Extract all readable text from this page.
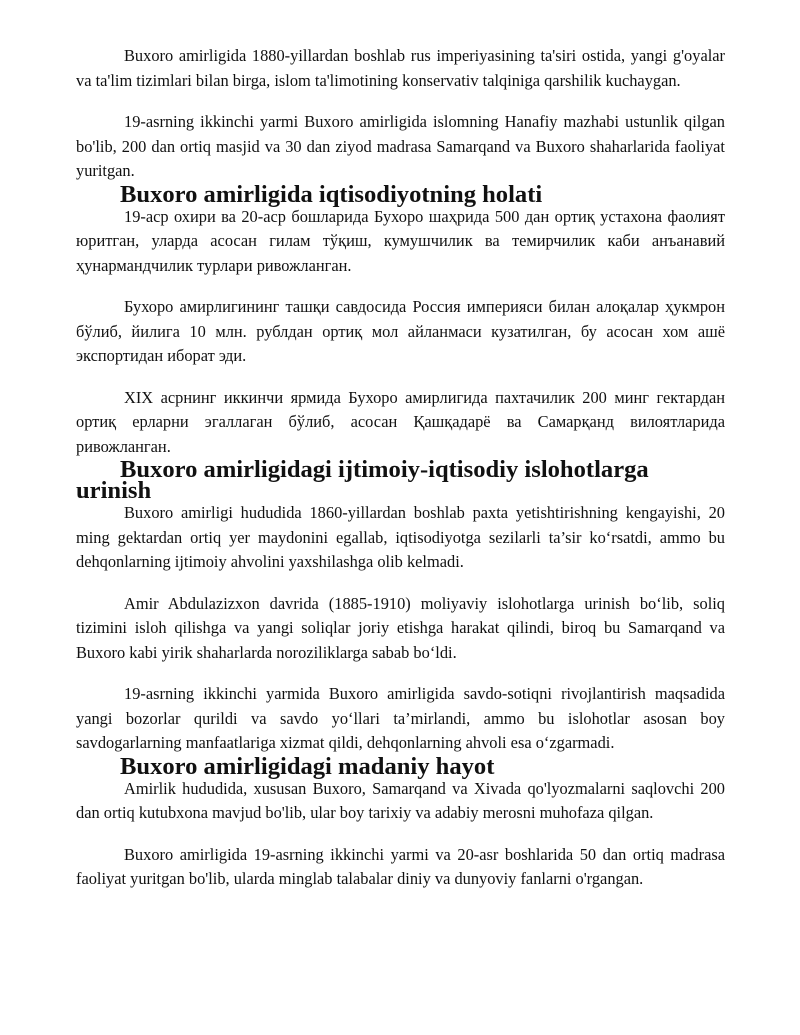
Buxoro amirligida 1880-yillardan boshlab rus imperiyasining ta'siri ostida, yangi g'oyalar va ta'lim tizimlari bilan birga, islom ta'limotining konservativ talqiniga qarshilik kuchaygan.

19-asrning ikkinchi yarmi Buxoro amirligida islomning Hanafiy mazhabi ustunlik qilgan bo'lib, 200 dan ortiq masjid va 30 dan ziyod madrasa Samarqand va Buxoro shaharlarida faoliyat yuritgan.

Buxoro amirligida iqtisodiyotning holati

19-аср охири ва 20-аср бошларида Бухоро шаҳрида 500 дан ортиқ устахона фаолият юритган, уларда асосан гилам тўқиш, кумушчилик ва темирчилик каби анъанавий ҳунармандчилик турлари ривожланган.

Бухоро амирлигининг ташқи савдосида Россия империяси билан алоқалар ҳукмрон бўлиб, йилига 10 млн. рублдан ортиқ мол айланмаси кузатилган, бу асосан хом ашё экспортидан иборат эди.

XIX асрнинг иккинчи ярмида Бухоро амирлигида пахтачилик 200 минг гектардан ортиқ ерларни эгаллаган бўлиб, асосан Қашқадарё ва Самарқанд вилоятларида ривожланган.

Buxoro amirligidagi ijtimoiy-iqtisodiy islohotlarga urinish

Buxoro amirligi hududida 1860-yillardan boshlab paxta yetishtirishning kengayishi, 20 ming gektardan ortiq yer maydonini egallab, iqtisodiyotga sezilarli ta’sir ko‘rsatdi, ammo bu dehqonlarning ijtimoiy ahvolini yaxshilashga olib kelmadi.

Amir Abdulazizxon davrida (1885-1910) moliyaviy islohotlarga urinish bo‘lib, soliq tizimini isloh qilishga va yangi soliqlar joriy etishga harakat qilindi, biroq bu Samarqand va Buxoro kabi yirik shaharlarda noroziliklarga sabab bo‘ldi.

19-asrning ikkinchi yarmida Buxoro amirligida savdo-sotiqni rivojlantirish maqsadida yangi bozorlar qurildi va savdo yo‘llari ta’mirlandi, ammo bu islohotlar asosan boy savdogarlarning manfaatlariga xizmat qildi, dehqonlarning ahvoli esa o‘zgarmadi.

Buxoro amirligidagi madaniy hayot

Amirlik hududida, xususan Buxoro, Samarqand va Xivada qo'lyozmalarni saqlovchi 200 dan ortiq kutubxona mavjud bo'lib, ular boy tarixiy va adabiy merosni muhofaza qilgan.

Buxoro amirligida 19-asrning ikkinchi yarmi va 20-asr boshlarida 50 dan ortiq madrasa faoliyat yuritgan bo'lib, ularda minglab talabalar diniy va dunyoviy fanlarni o'rgangan.
